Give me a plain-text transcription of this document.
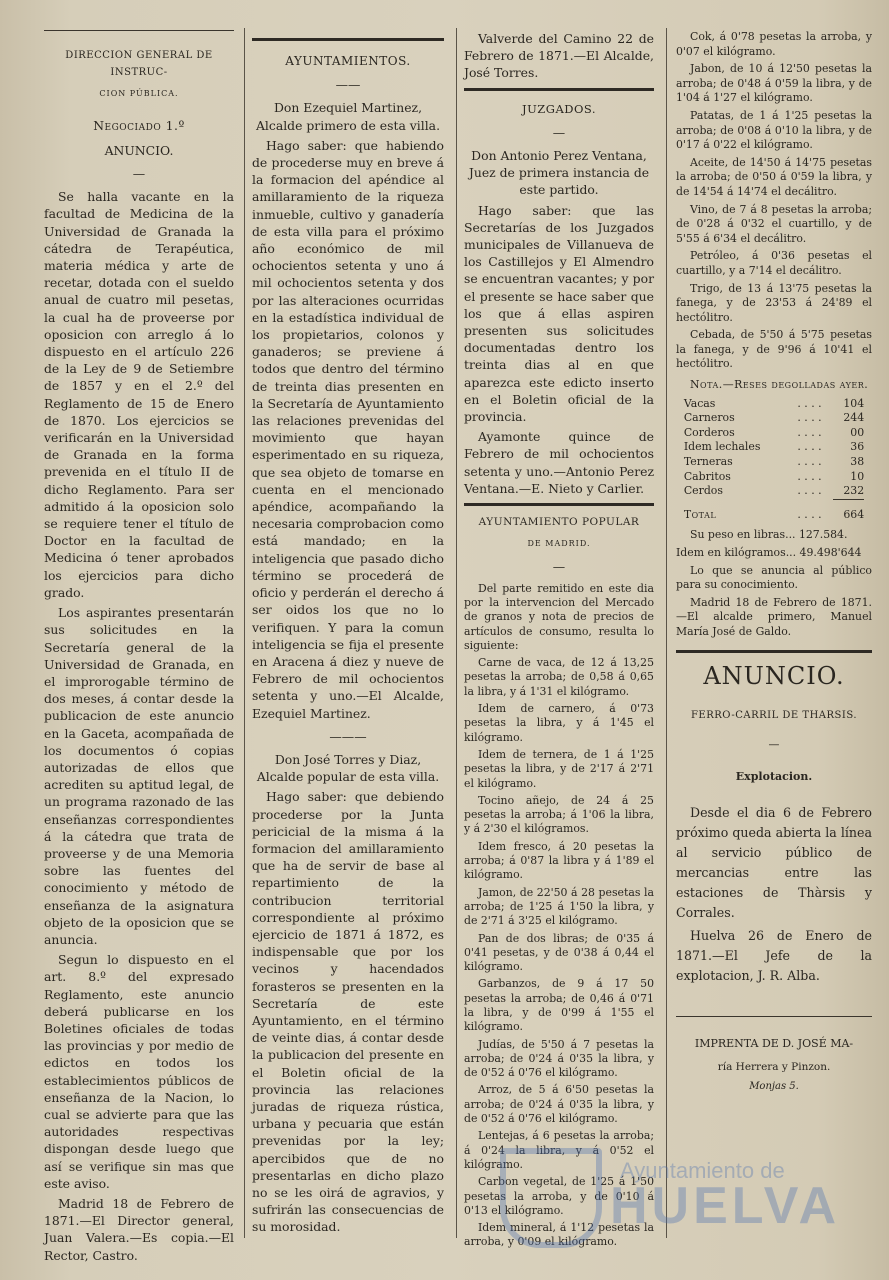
DIRECCION GENERAL DE INSTRUC-
CION PÚBLICA.
Negociado 1.º
ANUNCIO.
—

Se halla vacante en la facultad de Medicina de la Universidad de Granada la cátedra de Terapéutica, materia médica y arte de recetar, dotada con el sueldo anual de cuatro mil pesetas, la cual ha de proveerse por oposicion con arreglo á lo dispuesto en el artículo 226 de la Ley de 9 de Setiembre de 1857 y en el 2.º del Reglamento de 15 de Enero de 1870. Los ejercicios se verificarán en la Universidad de Granada en la forma prevenida en el título II de dicho Reglamento. Para ser admitido á la oposicion solo se requiere tener el título de Doctor en la facultad de Medicina ó tener aprobados los ejercicios para dicho grado.

Los aspirantes presentarán sus solicitudes en la Secretaría general de la Universidad de Granada, en el improrogable término de dos meses, á contar desde la publicacion de este anuncio en la Gaceta, acompañada de los documentos ó copias autorizadas de ellos que acrediten su aptitud legal, de un programa razonado de las enseñanzas correspondientes á la cátedra que trata de proveerse y de una Memoria sobre las fuentes del conocimiento y método de enseñanza de la asignatura objeto de la oposicion que se anuncia.

Segun lo dispuesto en el art. 8.º del expresado Reglamento, este anuncio deberá publicarse en los Boletines oficiales de todas las provincias y por medio de edictos en todos los establecimientos públicos de enseñanza de la Nacion, lo cual se advierte para que las autoridades respectivas dispongan desde luego que así se verifique sin mas que este aviso.

Madrid 18 de Febrero de 1871.—El Director general, Juan Valera.—Es copia.—El Rector, Castro.

AYUNTAMIENTOS.
——

Don Ezequiel Martinez, Alcalde primero de esta villa.

Hago saber: que habiendo de procederse muy en breve á la formacion del apéndice al amillaramiento de la riqueza inmueble, cultivo y ganadería de esta villa para el próximo año económico de mil ochocientos setenta y uno á mil ochocientos setenta y dos por las alteraciones ocurridas en la estadística individual de los propietarios, colonos y ganaderos; se previene á todos que dentro del término de treinta dias presenten en la Secretaría de Ayuntamiento las relaciones prevenidas del movimiento que hayan esperimentado en su riqueza, que sea objeto de tomarse en cuenta en el mencionado apéndice, acompañando la necesaria comprobacion como está mandado; en la inteligencia que pasado dicho término se procederá de oficio y perderán el derecho á ser oidos los que no lo verifiquen. Y para la comun inteligencia se fija el presente en Aracena á diez y nueve de Febrero de mil ochocientos setenta y uno.—El Alcalde, Ezequiel Martinez.

———

Don José Torres y Diaz, Alcalde popular de esta villa.

Hago saber: que debiendo procederse por la Junta pericicial de la misma á la formacion del amillaramiento que ha de servir de base al repartimiento de la contribucion territorial correspondiente al próximo ejercicio de 1871 á 1872, es indispensable que por los vecinos y hacendados forasteros se presenten en la Secretaría de este Ayuntamiento, en el término de veinte dias, á contar desde la publicacion del presente en el Boletin oficial de la provincia las relaciones juradas de riqueza rústica, urbana y pecuaria que están prevenidas por la ley; apercibidos que de no presentarlas en dicho plazo no se les oirá de agravios, y sufrirán las consecuencias de su morosidad.

Valverde del Camino 22 de Febrero de 1871.—El Alcalde, José Torres.

JUZGADOS.
—

Don Antonio Perez Ventana, Juez de primera instancia de este partido.

Hago saber: que las Secretarías de los Juzgados municipales de Villanueva de los Castillejos y El Almendro se encuentran vacantes; y por el presente se hace saber que los que á ellas aspiren presenten sus solicitudes documentadas dentro los treinta dias al en que aparezca este edicto inserto en el Boletin oficial de la provincia.

Ayamonte quince de Febrero de mil ochocientos setenta y uno.—Antonio Perez Ventana.—E. Nieto y Carlier.

AYUNTAMIENTO POPULAR
DE MADRID.
—

Del parte remitido en este dia por la intervencion del Mercado de granos y nota de precios de artículos de consumo, resulta lo siguiente:

Carne de vaca, de 12 á 13,25 pesetas la arroba; de 0,58 á 0,65 la libra, y á 1'31 el kilógramo.

Idem de carnero, á 0'73 pesetas la libra, y á 1'45 el kilógramo.

Idem de ternera, de 1 á 1'25 pesetas la libra, y de 2'17 á 2'71 el kilógramo.

Tocino añejo, de 24 á 25 pesetas la arroba; á 1'06 la libra, y á 2'30 el kilógramos.

Idem fresco, á 20 pesetas la arroba; á 0'87 la libra y á 1'89 el kilógramo.

Jamon, de 22'50 á 28 pesetas la arroba; de 1'25 á 1'50 la libra, y de 2'71 á 3'25 el kilógramo.

Pan de dos libras; de 0'35 á 0'41 pesetas, y de 0'38 á 0,44 el kilógramo.

Garbanzos, de 9 á 17 50 pesetas la arroba; de 0,46 á 0'71 la libra, y de 0'99 á 1'55 el kilógramo.

Judías, de 5'50 á 7 pesetas la arroba; de 0'24 á 0'35 la libra, y de 0'52 á 0'76 el kilógramo.

Arroz, de 5 á 6'50 pesetas la arroba; de 0'24 á 0'35 la libra, y de 0'52 á 0'76 el kilógramo.

Lentejas, á 6 pesetas la arroba; á 0'24 la libra, y á 0'52 el kilógramo.

Carbon vegetal, de 1'25 á 1'50 pesetas la arroba, y de 0'10 á 0'13 el kilógramo.

Idem mineral, á 1'12 pesetas la arroba, y 0'09 el kilógramo.

Cok, á 0'78 pesetas la arroba, y 0'07 el kilógramo.

Jabon, de 10 á 12'50 pesetas la arroba; de 0'48 á 0'59 la libra, y de 1'04 á 1'27 el kilógramo.

Patatas, de 1 á 1'25 pesetas la arroba; de 0'08 á 0'10 la libra, y de 0'17 á 0'22 el kilógramo.

Aceite, de 14'50 á 14'75 pesetas la arroba; de 0'50 á 0'59 la libra, y de 14'54 á 14'74 el decálitro.

Vino, de 7 á 8 pesetas la arroba; de 0'28 á 0'32 el cuartillo, y de 5'55 á 6'34 el decálitro.

Petróleo, á 0'36 pesetas el cuartillo, y a 7'14 el decálitro.

Trigo, de 13 á 13'75 pesetas la fanega, y de 23'53 á 24'89 el hectólitro.

Cebada, de 5'50 á 5'75 pesetas la fanega, y de 9'96 á 10'41 el hectólitro.

Nota.—Reses degolladas ayer.

Vacas	. . . .	104
Carneros	. . . .	244
Corderos	. . . .	00
Idem lechales	. . . .	36
Terneras	. . . .	38
Cabritos	. . . .	10
Cerdos	. . . .	232
Total	. . . .	664

Su peso en libras... 127.584.

Idem en kilógramos... 49.498'644

Lo que se anuncia al público para su conocimiento.

Madrid 18 de Febrero de 1871. —El alcalde primero, Manuel María José de Galdo.

ANUNCIO.
FERRO-CARRIL DE THARSIS.
—
Explotacion.

Desde el dia 6 de Febrero próximo queda abierta la línea al servicio público de mercancias entre las estaciones de Thàrsis y Corrales.

Huelva 26 de Enero de 1871.—El Jefe de la explotacion, J. R. Alba.

IMPRENTA DE D. JOSÉ MA-
ría Herrera y Pinzon.
Monjas 5.
Ayuntamiento de
HUELVA
